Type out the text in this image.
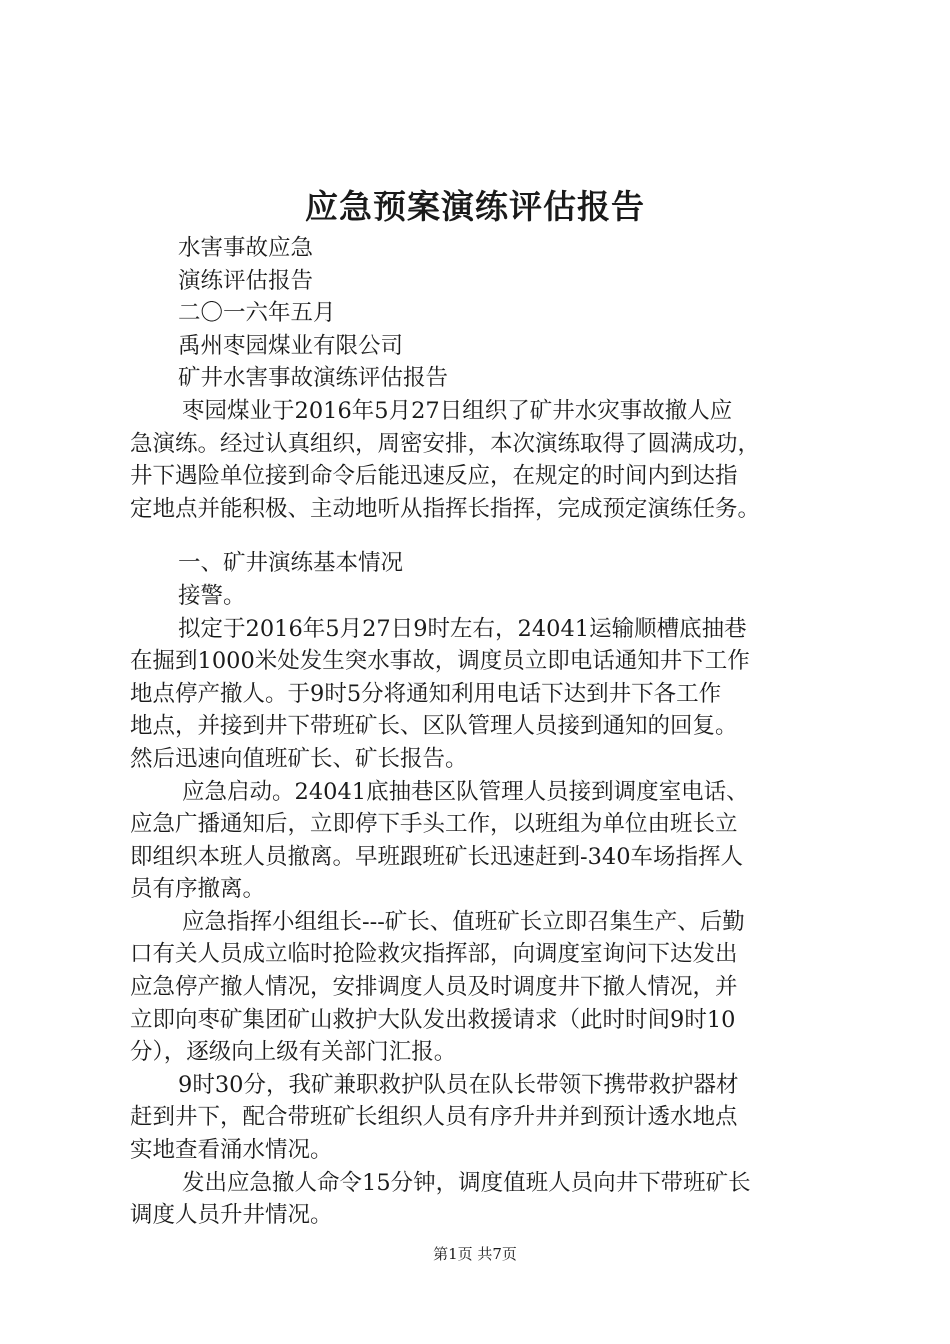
应急预案演练评估报告
水害事故应急
演练评估报告
二〇一六年五月
禹州枣园煤业有限公司
矿井水害事故演练评估报告
枣园煤业于2016年5月27日组织了矿井水灾事故撤人应
急演练。经过认真组织，周密安排，本次演练取得了圆满成功，
井下遇险单位接到命令后能迅速反应，在规定的时间内到达指
定地点并能积极、主动地听从指挥长指挥，完成预定演练任务。
一、矿井演练基本情况
接警。
拟定于2016年5月27日9时左右，24041运输顺槽底抽巷
在掘到1000米处发生突水事故，调度员立即电话通知井下工作
地点停产撤人。于9时5分将通知利用电话下达到井下各工作
地点，并接到井下带班矿长、区队管理人员接到通知的回复。
然后迅速向值班矿长、矿长报告。
应急启动。24041底抽巷区队管理人员接到调度室电话、
应急广播通知后，立即停下手头工作，以班组为单位由班长立
即组织本班人员撤离。早班跟班矿长迅速赶到-340车场指挥人
员有序撤离。
应急指挥小组组长---矿长、值班矿长立即召集生产、后勤
口有关人员成立临时抢险救灾指挥部，向调度室询问下达发出
应急停产撤人情况，安排调度人员及时调度井下撤人情况，并
立即向枣矿集团矿山救护大队发出救援请求（此时时间9时10
分），逐级向上级有关部门汇报。
9时30分，我矿兼职救护队员在队长带领下携带救护器材
赶到井下，配合带班矿长组织人员有序升井并到预计透水地点
实地查看涌水情况。
发出应急撤人命令15分钟，调度值班人员向井下带班矿长
调度人员升井情况。
第1页 共7页
